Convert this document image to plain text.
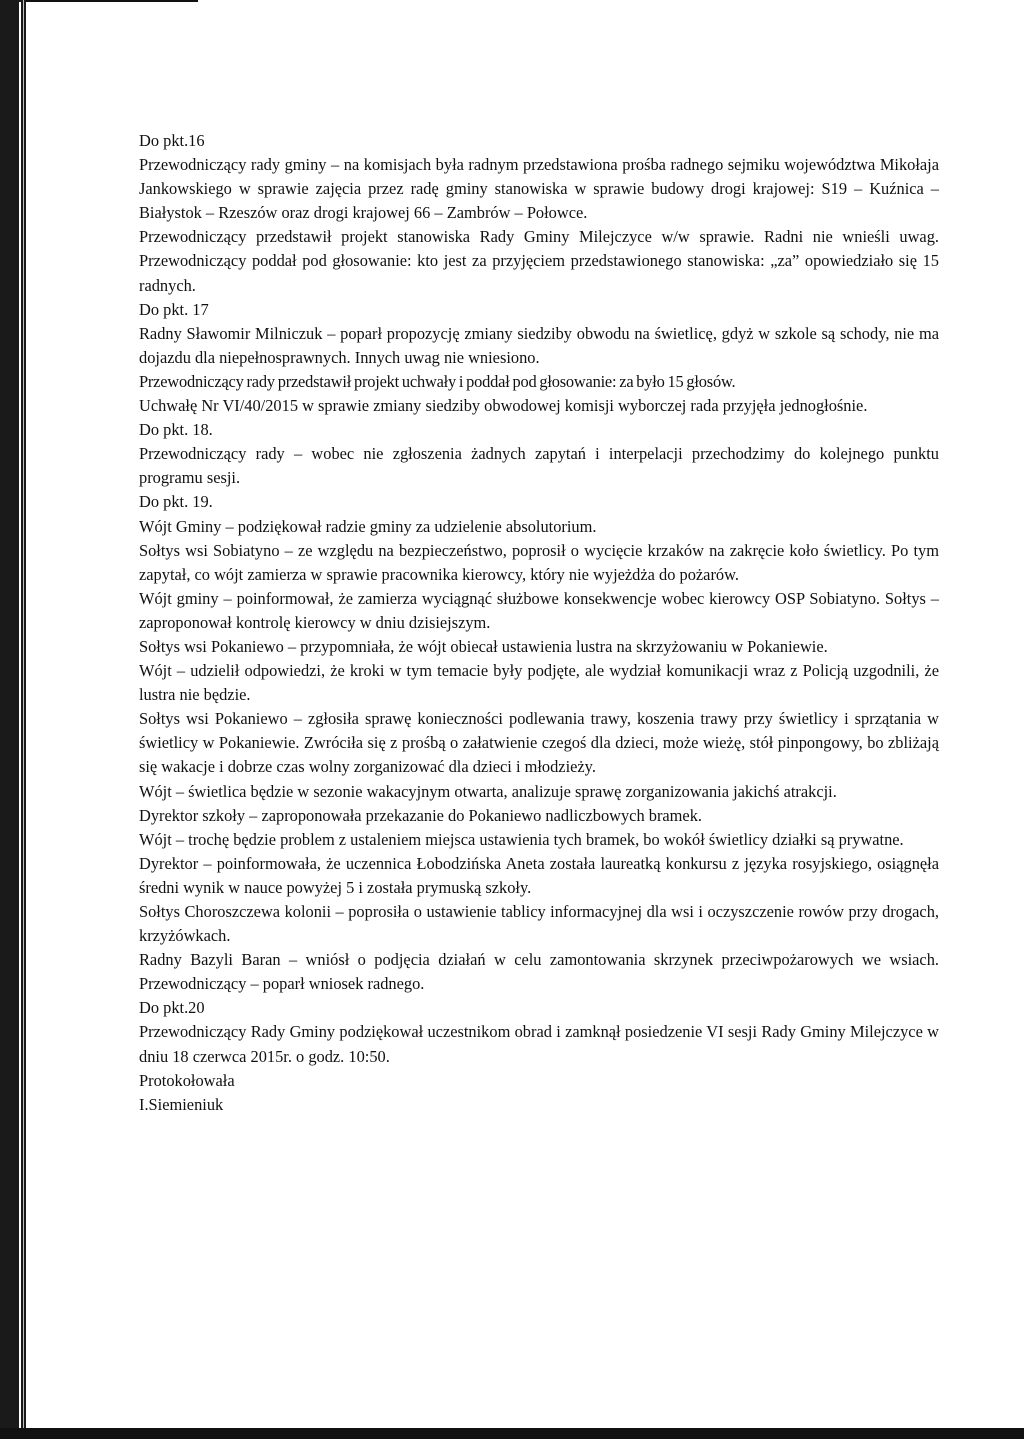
Do pkt.16

Przewodniczący rady gminy – na komisjach była radnym przedstawiona prośba radnego sejmiku województwa Mikołaja Jankowskiego w sprawie zajęcia przez radę gminy stanowiska w sprawie budowy drogi krajowej: S19 – Kuźnica – Białystok – Rzeszów oraz drogi krajowej 66 – Zambrów – Połowce.

Przewodniczący przedstawił projekt stanowiska Rady Gminy Milejczyce w/w sprawie. Radni nie wnieśli uwag. Przewodniczący poddał pod głosowanie: kto jest za przyjęciem przedstawionego stanowiska: „za” opowiedziało się 15 radnych.

Do pkt. 17

Radny Sławomir Milniczuk – poparł propozycję zmiany siedziby obwodu na świetlicę, gdyż w szkole są schody, nie ma dojazdu dla niepełnosprawnych. Innych uwag nie wniesiono.

Przewodniczący rady przedstawił projekt uchwały i poddał pod głosowanie: za było 15 głosów.

Uchwałę Nr VI/40/2015 w sprawie zmiany siedziby obwodowej komisji wyborczej rada przyjęła jednogłośnie.

Do pkt. 18.

Przewodniczący rady – wobec nie zgłoszenia żadnych zapytań i interpelacji przechodzimy do kolejnego punktu programu sesji.

Do pkt. 19.

Wójt Gminy – podziękował radzie gminy za udzielenie absolutorium.

Sołtys wsi Sobiatyno – ze względu na bezpieczeństwo, poprosił o wycięcie krzaków na zakręcie koło świetlicy. Po tym zapytał, co wójt zamierza w sprawie pracownika kierowcy, który nie wyjeżdża do pożarów.

Wójt gminy – poinformował, że zamierza wyciągnąć służbowe konsekwencje wobec kierowcy OSP Sobiatyno. Sołtys – zaproponował kontrolę kierowcy w dniu dzisiejszym.

Sołtys wsi Pokaniewo – przypomniała, że wójt obiecał ustawienia lustra na skrzyżowaniu w Pokaniewie.

Wójt – udzielił odpowiedzi, że kroki w tym temacie były podjęte, ale wydział komunikacji wraz z Policją uzgodnili, że lustra nie będzie.

Sołtys wsi Pokaniewo – zgłosiła sprawę konieczności podlewania trawy, koszenia trawy przy świetlicy i sprzątania w świetlicy w Pokaniewie. Zwróciła się z prośbą o załatwienie czegoś dla dzieci, może wieżę, stół pinpongowy, bo zbliżają się wakacje i dobrze czas wolny zorganizować dla dzieci i młodzieży.

Wójt – świetlica będzie w sezonie wakacyjnym otwarta, analizuje sprawę zorganizowania jakichś atrakcji.

Dyrektor szkoły – zaproponowała przekazanie do Pokaniewo nadliczbowych bramek.

Wójt – trochę będzie problem z ustaleniem miejsca ustawienia tych bramek, bo wokół świetlicy działki są prywatne.

Dyrektor – poinformowała, że uczennica Łobodzińska Aneta została laureatką konkursu z języka rosyjskiego, osiągnęła średni wynik w nauce powyżej 5 i została prymuską szkoły.

Sołtys Choroszczewa kolonii – poprosiła o ustawienie tablicy informacyjnej dla wsi i oczyszczenie rowów przy drogach, krzyżówkach.

Radny Bazyli Baran – wniósł o podjęcia działań w celu zamontowania skrzynek przeciwpożarowych we wsiach. Przewodniczący – poparł wniosek radnego.

Do pkt.20

Przewodniczący Rady Gminy podziękował uczestnikom obrad i zamknął posiedzenie VI sesji Rady Gminy Milejczyce w dniu 18 czerwca 2015r. o godz. 10:50.

Protokołowała

I.Siemieniuk
